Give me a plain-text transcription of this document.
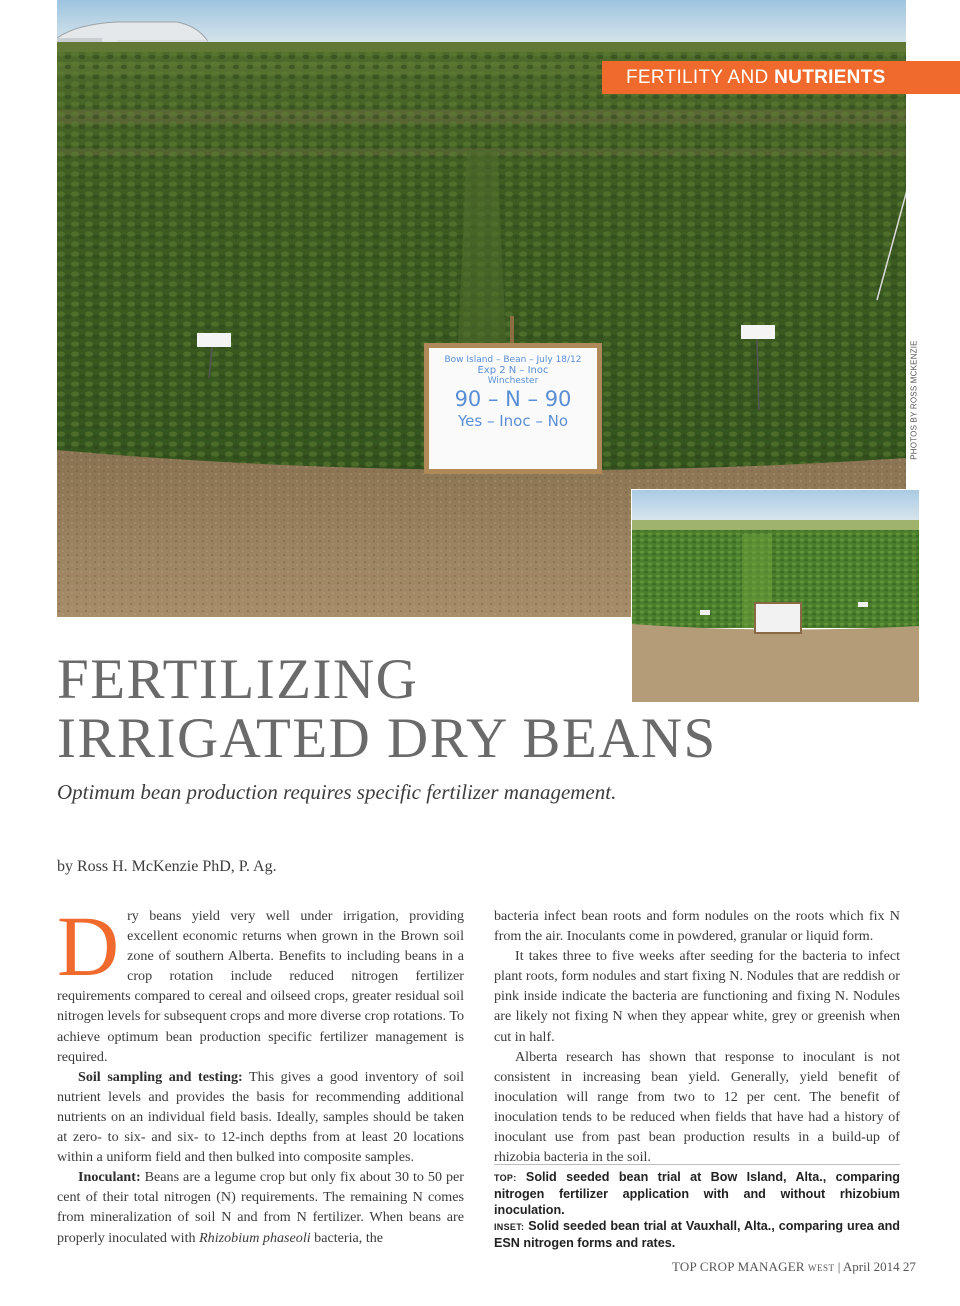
Bow Island – Bean – July 18/12
Exp 2 N – Inoc
Winchester
90 – N – 90
Yes – Inoc – No	PHOTOS BY ROSS MCKENZIE
FERTILITY AND NUTRIENTS
FERTILIZING
IRRIGATED DRY BEANS
Optimum bean production requires specific fertilizer management.
by Ross H. McKenzie PhD, P. Ag.

Dry beans yield very well under irrigation, providing excellent economic returns when grown in the Brown soil zone of southern Alberta. Benefits to including beans in a crop rotation include reduced nitrogen fertilizer requirements compared to cereal and oilseed crops, greater residual soil nitrogen levels for subsequent crops and more diverse crop rotations. To achieve optimum bean production specific fertilizer management is required.

Soil sampling and testing: This gives a good inventory of soil nutrient levels and provides the basis for recommending additional nutrients on an individual field basis. Ideally, samples should be taken at zero- to six- and six- to 12-inch depths from at least 20 locations within a uniform field and then bulked into composite samples.

Inoculant: Beans are a legume crop but only fix about 30 to 50 per cent of their total nitrogen (N) requirements. The remaining N comes from mineralization of soil N and from N fertilizer. When beans are properly inoculated with Rhizobium phaseoli bacteria, the

bacteria infect bean roots and form nodules on the roots which fix N from the air. Inoculants come in powdered, granular or liquid form.

It takes three to five weeks after seeding for the bacteria to infect plant roots, form nodules and start fixing N. Nodules that are reddish or pink inside indicate the bacteria are functioning and fixing N. Nodules are likely not fixing N when they appear white, grey or greenish when cut in half.

Alberta research has shown that response to inoculant is not consistent in increasing bean yield. Generally, yield benefit of inoculation will range from two to 12 per cent. The benefit of inoculation tends to be reduced when fields that have had a history of inoculant use from past bean production results in a build-up of rhizobia bacteria in the soil.

TOP: Solid seeded bean trial at Bow Island, Alta., comparing nitrogen fertilizer application with and without rhizobium inoculation.

INSET: Solid seeded bean trial at Vauxhall, Alta., comparing urea and ESN nitrogen forms and rates.

TOP CROP MANAGER WEST | April 2014 27
